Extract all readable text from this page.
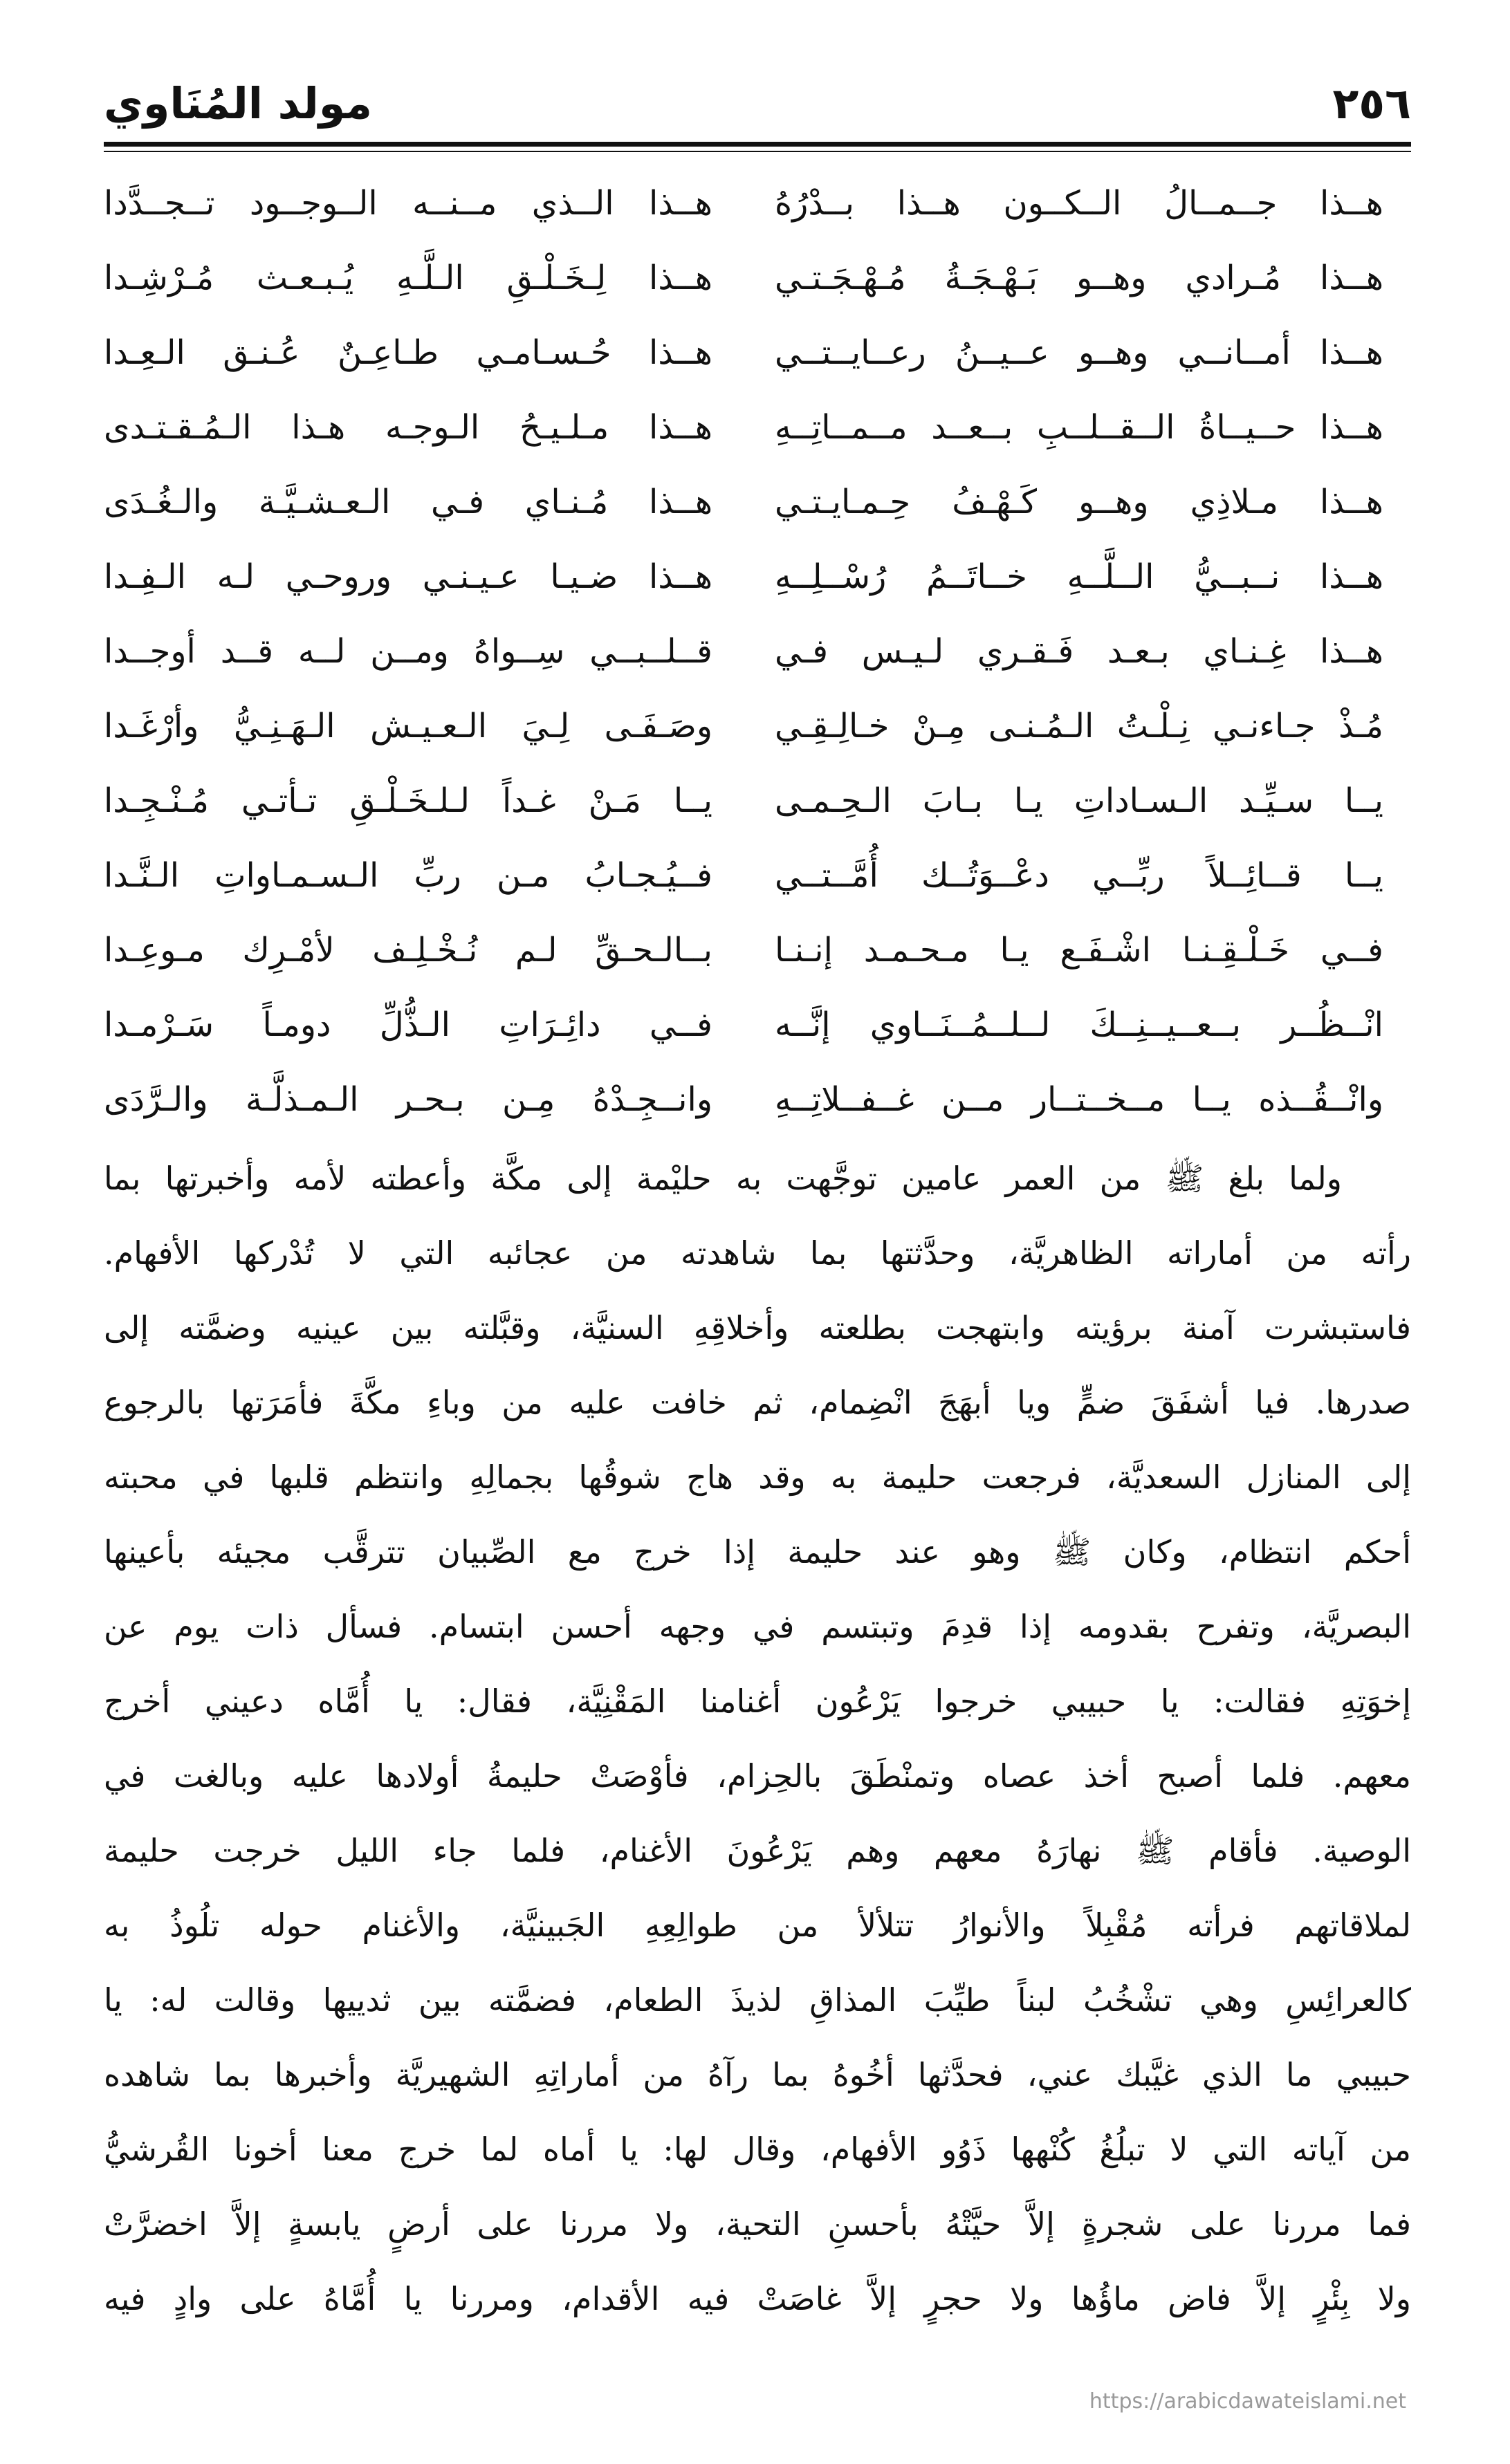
٢٥٦
مولد المُنَاوي
هــذا جــمــالُ الــكــون هــذا بــدْرُهُ
هــذا الــذي مــنــه الــوجــود تــجــدَّدا
هــذا مُـرادي وهــو بَـهْـجَـةُ مُـهْـجَـتـي
هــذا لِـخَـلْـقِ الـلَّـهِ يُـبـعـث مُـرْشِـدا
هــذا أمــانــي وهــو عــيــنُ رعــايــتــي
هــذا حُـسـامـي طـاعِـنٌ عُـنـق الـعِـدا
هــذا حــيــاةُ الــقــلــبِ بــعــد مــمــاتِــهِ
هــذا مـلـيـحُ الـوجـه هـذا الـمُـقـتـدى
هــذا مـلاذِي وهــو كَـهْـفُ حِـمـايـتـي
هــذا مُـنـاي فـي الـعـشـيَّـة والـغُـدَى
هــذا نــبــيُّ الــلَّــهِ خــاتَــمُ رُسْــلِــهِ
هــذا ضـيـا عـيـنـي وروحـي لـه الـفِـدا
هــذا غِـنـاي بـعـد فَـقـري لـيـس فـي
قــلــبــي سِــواهُ ومــن لــه قــد أوجــدا
مُـذْ جـاءنـي نِـلْـتُ الـمُـنـى مِـنْ خـالِـقِـي
وصَـفَـى لِـيَ الـعـيـش الـهَـنِـيُّ وأرْغَـدا
يــا سـيِّـد الـسـاداتِ يـا بـابَ الـحِـمـى
يــا مَـنْ غـداً لـلـخَـلْـقِ تـأتـي مُـنْـجِـدا
يــا قــائِــلاً ربِّــي دعْــوَتُــك أُمَّــتــي
فــيُـجـابُ مـن ربِّ الـسـمـاواتِ الـنَّـدا
فــي خَـلْـقِـنـا اشْـفَـع يـا مـحـمـد إنـنـا
بــالـحـقِّ لـم نُـخْـلِـف لأمْـرِك مـوعِـدا
انْــظُــر بــعــيــنِــكَ لــلــمُــنَــاوي إنَّــه
فــي دائِـرَاتِ الـذُّلِّ دومـاً سَـرْمـدا
وانْــقُــذه يــا مــخــتــار مــن غــفــلاتِــهِ
وانــجِـدْهُ مِـن بـحـر الـمـذلَّـة والـرَّدَى
ولما بلغ ﷺ من العمر عامين توجَّهت به حليْمة إلى مكَّة وأعطته لأمه وأخبرتها بما
رأته من أماراته الظاهريَّة، وحدَّثتها بما شاهدته من عجائبه التي لا تُدْركها الأفهام.
فاستبشرت آمنة برؤيته وابتهجت بطلعته وأخلاقِهِ السنيَّة، وقبَّلته بين عينيه وضمَّته إلى
صدرها. فيا أشفَقَ ضمٍّ ويا أبهَجَ انْضِمام، ثم خافت عليه من وباءِ مكَّةَ فأمَرَتها بالرجوع
إلى المنازل السعديَّة، فرجعت حليمة به وقد هاج شوقُها بجمالِهِ وانتظم قلبها في محبته
أحكم انتظام، وكان ﷺ وهو عند حليمة إذا خرج مع الصِّبيان تترقَّب مجيئه بأعينها
البصريَّة، وتفرح بقدومه إذا قدِمَ وتبتسم في وجهه أحسن ابتسام. فسأل ذات يوم عن
إخوَتِهِ فقالت: يا حبيبي خرجوا يَرْعُون أغنامنا المَقْنِيَّة، فقال: يا أُمَّاه دعيني أخرج
معهم. فلما أصبح أخذ عصاه وتمنْطَقَ بالحِزام، فأوْصَتْ حليمةُ أولادها عليه وبالغت في
الوصية. فأقام ﷺ نهارَهُ معهم وهم يَرْعُونَ الأغنام، فلما جاء الليل خرجت حليمة
لملاقاتهم فرأته مُقْبِلاً والأنوارُ تتلألأ من طوالِعِهِ الجَبينيَّة، والأغنام حوله تلُوذُ به
كالعرائِسِ وهي تشْخُبُ لبناً طيِّبَ المذاقِ لذيذَ الطعام، فضمَّته بين ثدييها وقالت له: يا
حبيبي ما الذي غيَّبك عني، فحدَّثها أخُوهُ بما رآهُ من أماراتِهِ الشهيريَّة وأخبرها بما شاهده
من آياته التي لا تبلُغُ كُنْهها ذَوُو الأفهام، وقال لها: يا أماه لما خرج معنا أخونا القُرشيُّ
فما مررنا على شجرةٍ إلاَّ حيَّتْهُ بأحسنِ التحية، ولا مررنا على أرضٍ يابسةٍ إلاَّ اخضرَّتْ
ولا بِئْرٍ إلاَّ فاض ماؤُها ولا حجرٍ إلاَّ غاصَتْ فيه الأقدام، ومررنا يا أُمَّاهُ على وادٍ فيه
https://arabicdawateislami.net
